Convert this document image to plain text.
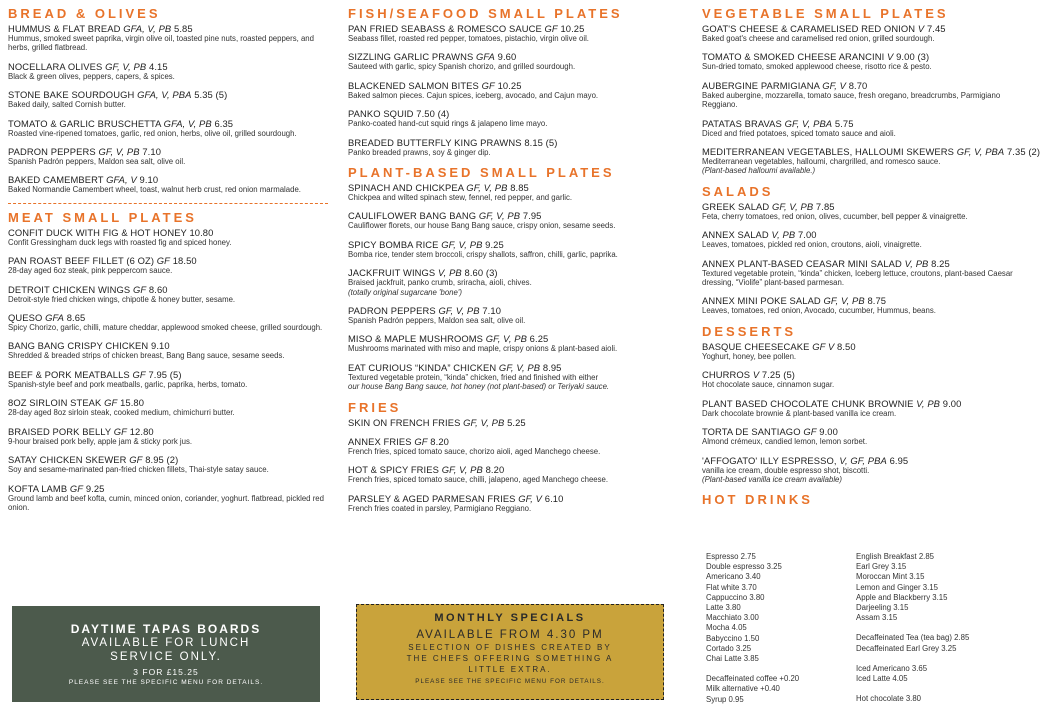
BREAD & OLIVES
HUMMUS & FLAT BREAD GFA, V, PB 5.85
Hummus, smoked sweet paprika, virgin olive oil, toasted pine nuts, roasted peppers, and herbs, grilled flatbread.
NOCELLARA OLIVES GF, V, PB 4.15
Black & green olives, peppers, capers, & spices.
STONE BAKE SOURDOUGH GFA, V, PBA 5.35 (5)
Baked daily, salted Cornish butter.
TOMATO & GARLIC BRUSCHETTA GFA, V, PB 6.35
Roasted vine-ripened tomatoes, garlic, red onion, herbs, olive oil, grilled sourdough.
PADRON PEPPERS GF, V, PB 7.10
Spanish Padrón peppers, Maldon sea salt, olive oil.
BAKED CAMEMBERT GFA, V 9.10
Baked Normandie Camembert wheel, toast, walnut herb crust, red onion marmalade.
MEAT SMALL PLATES
CONFIT DUCK WITH FIG & HOT HONEY 10.80
Confit Gressingham duck legs with roasted fig and spiced honey.
PAN ROAST BEEF FILLET (6 OZ) GF 18.50
28-day aged 6oz steak, pink peppercorn sauce.
DETROIT CHICKEN WINGS GF 8.60
Detroit-style fried chicken wings, chipotle & honey butter, sesame.
QUESO GFA 8.65
Spicy Chorizo, garlic, chilli, mature cheddar, applewood smoked cheese, grilled sourdough.
BANG BANG CRISPY CHICKEN 9.10
Shredded & breaded strips of chicken breast, Bang Bang sauce, sesame seeds.
BEEF & PORK MEATBALLS GF 7.95 (5)
Spanish-style beef and pork meatballs, garlic, paprika, herbs, tomato.
8OZ SIRLOIN STEAK GF 15.80
28-day aged 8oz sirloin steak, cooked medium, chimichurri butter.
BRAISED PORK BELLY GF 12.80
9-hour braised pork belly, apple jam & sticky pork jus.
SATAY CHICKEN SKEWER GF 8.95 (2)
Soy and sesame-marinated pan-fried chicken fillets, Thai-style satay sauce.
KOFTA LAMB GF 9.25
Ground lamb and beef kofta, cumin, minced onion, coriander, yoghurt. flatbread, pickled red onion.
FISH/SEAFOOD SMALL PLATES
PAN FRIED SEABASS & ROMESCO SAUCE GF 10.25
Seabass fillet, roasted red pepper, tomatoes, pistachio, virgin olive oil.
SIZZLING GARLIC PRAWNS GFA 9.60
Sauteed with garlic, spicy Spanish chorizo, and grilled sourdough.
BLACKENED SALMON BITES GF 10.25
Baked salmon pieces. Cajun spices, iceberg, avocado, and Cajun mayo.
PANKO SQUID 7.50 (4)
Panko-coated hand-cut squid rings & jalapeno lime mayo.
BREADED BUTTERFLY KING PRAWNS 8.15 (5)
Panko breaded prawns, soy & ginger dip.
PLANT-BASED SMALL PLATES
SPINACH AND CHICKPEA GF, V, PB 8.85
Chickpea and wilted spinach stew, fennel, red pepper, and garlic.
CAULIFLOWER BANG BANG GF, V, PB 7.95
Cauliflower florets, our house Bang Bang sauce, crispy onion, sesame seeds.
SPICY BOMBA RICE GF, V, PB 9.25
Bomba rice, tender stem broccoli, crispy shallots, saffron, chilli, garlic, paprika.
JACKFRUIT WINGS V, PB 8.60 (3)
Braised jackfruit, panko crumb, sriracha, aioli, chives.
(totally original sugarcane 'bone')
PADRON PEPPERS GF, V, PB 7.10
Spanish Padrón peppers, Maldon sea salt, olive oil.
MISO & MAPLE MUSHROOMS GF, V, PB 6.25
Mushrooms marinated with miso and maple, crispy onions & plant-based aioli.
EAT CURIOUS “KINDA” CHICKEN GF, V, PB 8.95
Textured vegetable protein, “kinda” chicken, fried and finished with either
our house Bang Bang sauce, hot honey (not plant-based) or Teriyaki sauce.
FRIES
SKIN ON FRENCH FRIES GF, V, PB 5.25
ANNEX FRIES GF 8.20
French fries, spiced tomato sauce, chorizo aioli, aged Manchego cheese.
HOT & SPICY FRIES GF, V, PB 8.20
French fries, spiced tomato sauce, chilli, jalapeno, aged Manchego cheese.
PARSLEY & AGED PARMESAN FRIES GF, V 6.10
French fries coated in parsley, Parmigiano Reggiano.
VEGETABLE SMALL PLATES
GOAT'S CHEESE & CARAMELISED RED ONION V 7.45
Baked goat's cheese and caramelised red onion, grilled sourdough.
TOMATO & SMOKED CHEESE ARANCINI V 9.00 (3)
Sun-dried tomato, smoked applewood cheese, risotto rice & pesto.
AUBERGINE PARMIGIANA GF, V 8.70
Baked aubergine, mozzarella, tomato sauce, fresh oregano, breadcrumbs, Parmigiano Reggiano.
PATATAS BRAVAS GF, V, PBA 5.75
Diced and fried potatoes, spiced tomato sauce and aioli.
MEDITERRANEAN VEGETABLES, HALLOUMI SKEWERS GF, V, PBA 7.35 (2)
Mediterranean vegetables, halloumi, chargrilled, and romesco sauce.
(Plant-based halloumi available.)
SALADS
GREEK SALAD GF, V, PB 7.85
Feta, cherry tomatoes, red onion, olives, cucumber, bell pepper & vinaigrette.
ANNEX SALAD V, PB 7.00
Leaves, tomatoes, pickled red onion, croutons, aioli, vinaigrette.
ANNEX PLANT-BASED CEASAR MINI SALAD V, PB 8.25
Textured vegetable protein, “kinda” chicken, Iceberg lettuce, croutons, plant-based Caesar dressing, “Violife” plant-based parmesan.
ANNEX MINI POKE SALAD GF, V, PB 8.75
Leaves, tomatoes, red onion, Avocado, cucumber, Hummus, beans.
DESSERTS
BASQUE CHEESECAKE GF V 8.50
Yoghurt, honey, bee pollen.
CHURROS V 7.25 (5)
Hot chocolate sauce, cinnamon sugar.
PLANT BASED CHOCOLATE CHUNK BROWNIE V, PB 9.00
Dark chocolate brownie & plant-based vanilla ice cream.
TORTA DE SANTIAGO GF 9.00
Almond crémeux, candied lemon, lemon sorbet.
'AFFOGATO' ILLY ESPRESSO, V, GF, PBA 6.95
vanilla ice cream, double espresso shot, biscotti.
(Plant-based vanilla ice cream available)
HOT DRINKS
Espresso 2.75
Double espresso 3.25
Americano 3.40
Flat white 3.70
Cappuccino 3.80
Latte 3.80
Macchiato 3.00
Mocha 4.05
Babyccino 1.50
Cortado 3.25
Chai Latte 3.85
Decaffeinated coffee +0.20
Milk alternative +0.40
Syrup 0.95
English Breakfast 2.85
Earl Grey 3.15
Moroccan Mint 3.15
Lemon and Ginger 3.15
Apple and Blackberry 3.15
Darjeeling 3.15
Assam 3.15
Decaffeinated Tea (tea bag) 2.85
Decaffeinated Earl Grey 3.25
Iced Americano 3.65
Iced Latte 4.05
Hot chocolate 3.80
DAYTIME TAPAS BOARDS
AVAILABLE FOR LUNCH
SERVICE ONLY.
3 FOR £15.25
PLEASE SEE THE SPECIFIC MENU FOR DETAILS.
MONTHLY SPECIALS
AVAILABLE FROM 4.30 PM
SELECTION OF DISHES CREATED BY
THE CHEFS OFFERING SOMETHING A
LITTLE EXTRA.
PLEASE SEE THE SPECIFIC MENU FOR DETAILS.
